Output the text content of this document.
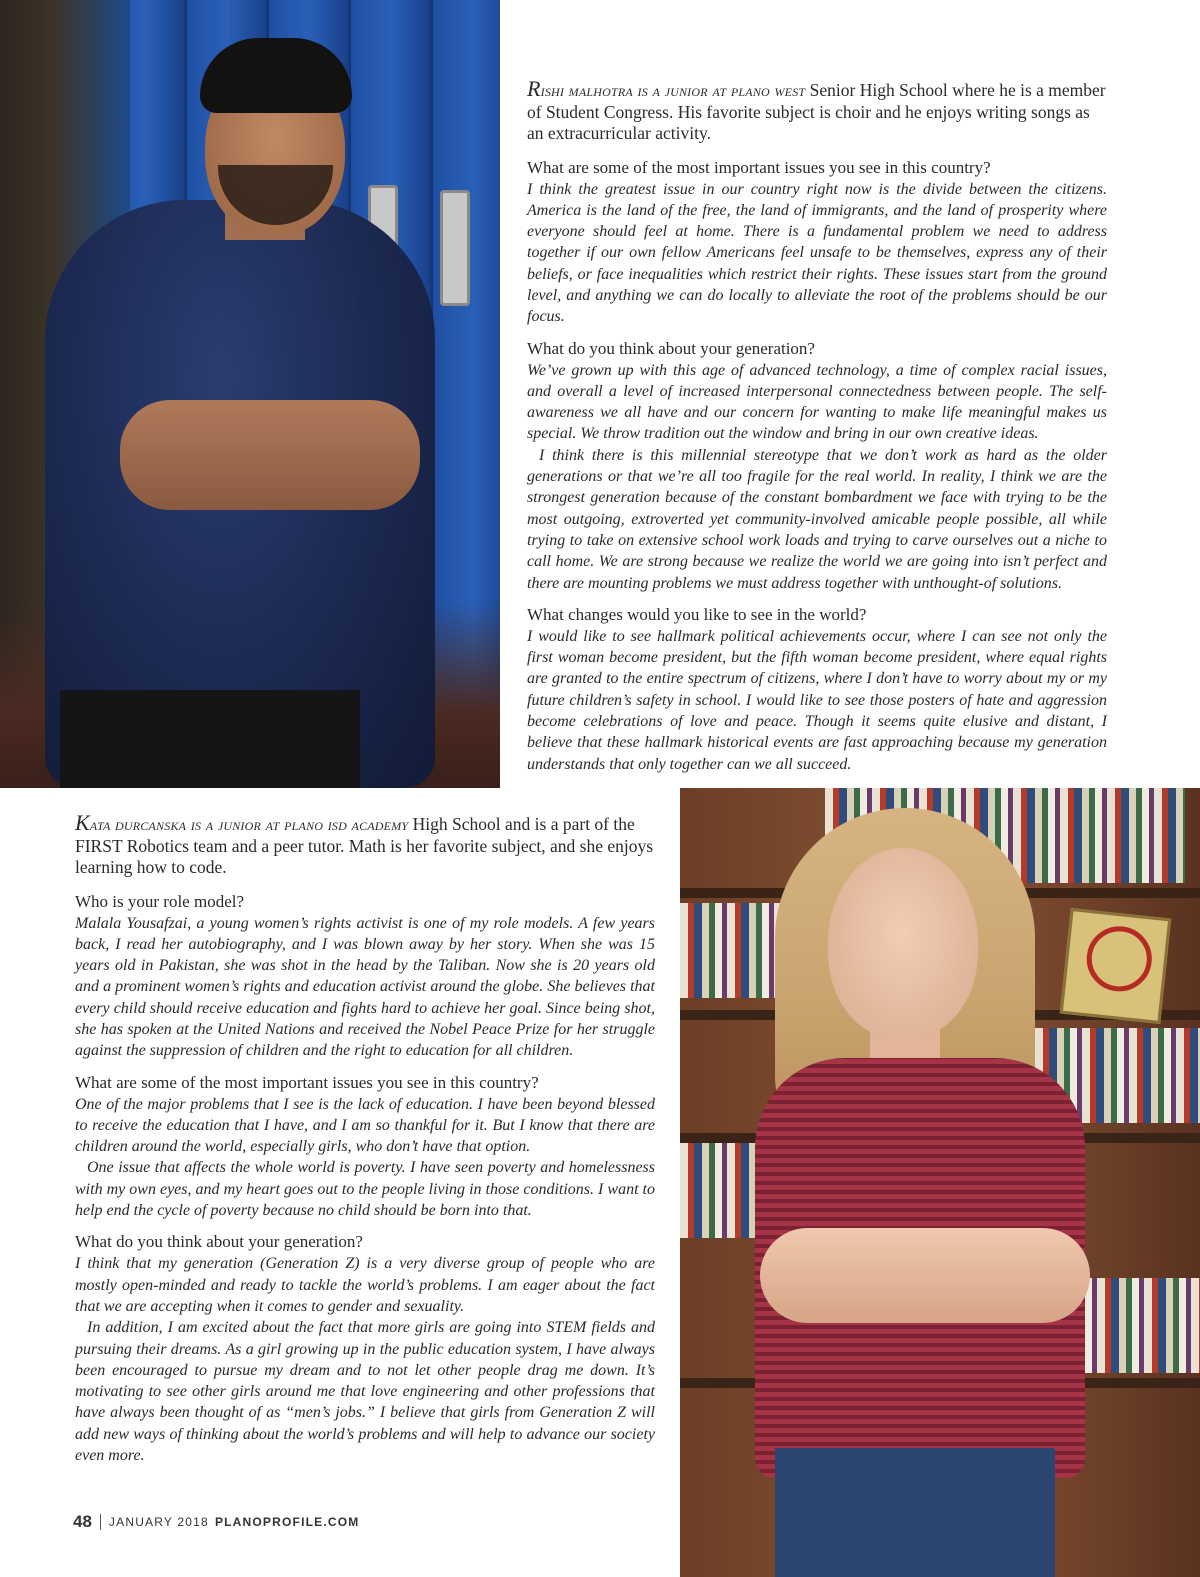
Rishi malhotra is a junior at plano west Senior High School where he is a member of Student Congress. His favorite subject is choir and he enjoys writing songs as an extracurricular activity.

What are some of the most important issues you see in this country?

I think the greatest issue in our country right now is the divide between the citizens. America is the land of the free, the land of immigrants, and the land of prosperity where everyone should feel at home. There is a fundamental problem we need to address together if our own fellow Americans feel unsafe to be themselves, express any of their beliefs, or face inequalities which restrict their rights. These issues start from the ground level, and anything we can do locally to alleviate the root of the problems should be our focus.

What do you think about your generation?

We’ve grown up with this age of advanced technology, a time of complex racial issues, and overall a level of increased interpersonal connectedness between people. The self-awareness we all have and our concern for wanting to make life meaningful makes us special. We throw tradition out the window and bring in our own creative ideas.

I think there is this millennial stereotype that we don’t work as hard as the older generations or that we’re all too fragile for the real world. In reality, I think we are the strongest generation because of the constant bombardment we face with trying to be the most outgoing, extroverted yet community-involved amicable people possible, all while trying to take on extensive school work loads and trying to carve ourselves out a niche to call home. We are strong because we realize the world we are going into isn’t perfect and there are mounting problems we must address together with unthought-of solutions.

What changes would you like to see in the world?

I would like to see hallmark political achievements occur, where I can see not only the first woman become president, but the fifth woman become president, where equal rights are granted to the entire spectrum of citizens, where I don’t have to worry about my or my future children’s safety in school. I would like to see those posters of hate and aggression become celebrations of love and peace. Though it seems quite elusive and distant, I believe that these hallmark historical events are fast approaching because my generation understands that only together can we all succeed.

Kata durcanska is a junior at plano isd academy High School and is a part of the FIRST Robotics team and a peer tutor. Math is her favorite subject, and she enjoys learning how to code.

Who is your role model?

Malala Yousafzai, a young women’s rights activist is one of my role models. A few years back, I read her autobiography, and I was blown away by her story. When she was 15 years old in Pakistan, she was shot in the head by the Taliban. Now she is 20 years old and a prominent women’s rights and education activist around the globe. She believes that every child should receive education and fights hard to achieve her goal. Since being shot, she has spoken at the United Nations and received the Nobel Peace Prize for her struggle against the suppression of children and the right to education for all children.

What are some of the most important issues you see in this country?

One of the major problems that I see is the lack of education. I have been beyond blessed to receive the education that I have, and I am so thankful for it. But I know that there are children around the world, especially girls, who don’t have that option.

One issue that affects the whole world is poverty. I have seen poverty and homelessness with my own eyes, and my heart goes out to the people living in those conditions. I want to help end the cycle of poverty because no child should be born into that.

What do you think about your generation?

I think that my generation (Generation Z) is a very diverse group of people who are mostly open-minded and ready to tackle the world’s problems. I am eager about the fact that we are accepting when it comes to gender and sexuality.

In addition, I am excited about the fact that more girls are going into STEM fields and pursuing their dreams. As a girl growing up in the public education system, I have always been encouraged to pursue my dream and to not let other people drag me down. It’s motivating to see other girls around me that love engineering and other professions that have always been thought of as “men’s jobs.” I believe that girls from Generation Z will add new ways of thinking about the world’s problems and will help to advance our society even more.

48 JANUARY 2018 PLANOPROFILE.COM
